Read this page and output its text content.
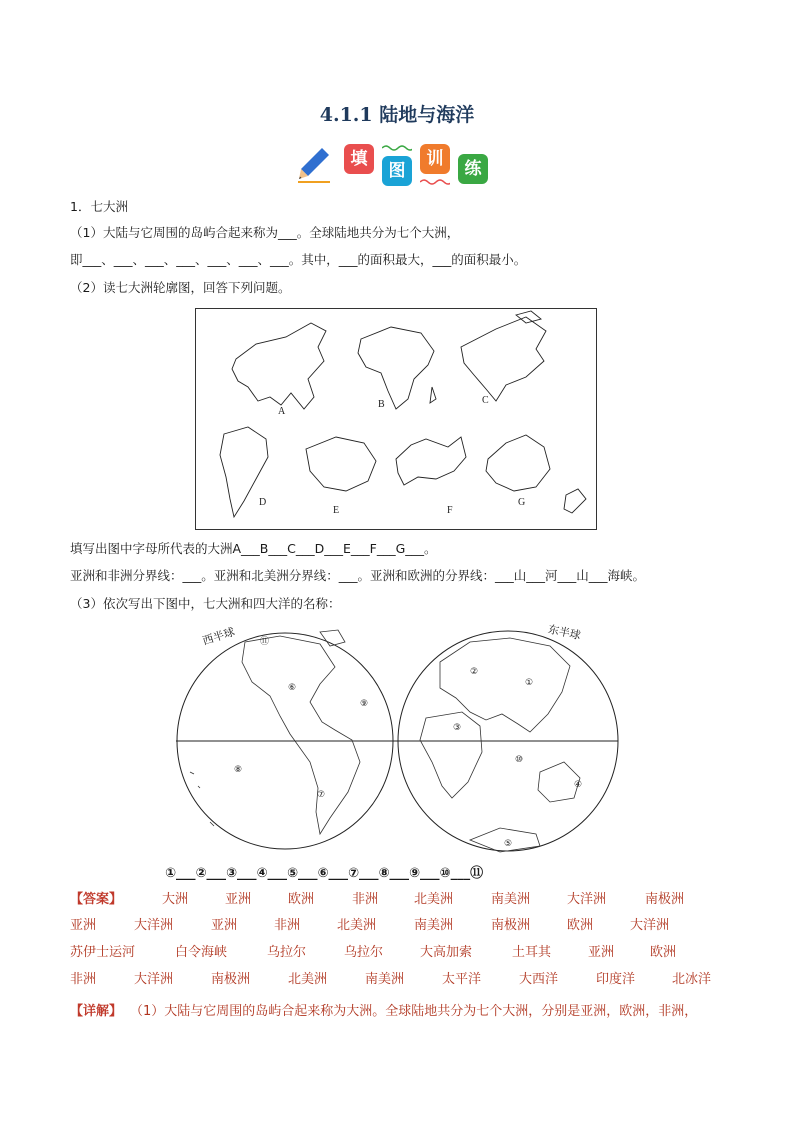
4.1.1 陆地与海洋
填
图
训	练
1．七大洲
（1）大陆与它周围的岛屿合起来称为___。全球陆地共分为七个大洲，
即___、___、___、___、___、___、___。其中，___的面积最大，___的面积最小。
（2）读七大洲轮廓图，回答下列问题。
A
B	C
D
E	F
G
填写出图中字母所代表的大洲A___B___C___D___E___F___G___。
亚洲和非洲分界线：___。亚洲和北美洲分界线：___。亚洲和欧洲的分界线：___山___河___山___海峡。
（3）依次写出下图中，七大洲和四大洋的名称：
⑪
⑥
⑨
⑧
⑦
②
①
③
⑩
④
⑤
西半球	东半球
①___②___③___④___⑤___⑥___⑦___⑧___⑨___⑩___⑪
【答案】	大洲	亚洲	欧洲	非洲	北美洲	南美洲	大洋洲	南极洲
亚洲	大洋洲	亚洲	非洲	北美洲	南美洲	南极洲	欧洲	大洋洲
苏伊士运河	白令海峡	乌拉尔	乌拉尔	大高加索	土耳其	亚洲	欧洲
非洲	大洋洲	南极洲	北美洲	南美洲	太平洋	大西洋	印度洋	北冰洋
【详解】 （1）大陆与它周围的岛屿合起来称为大洲。全球陆地共分为七个大洲，分别是亚洲，欧洲，非洲，
